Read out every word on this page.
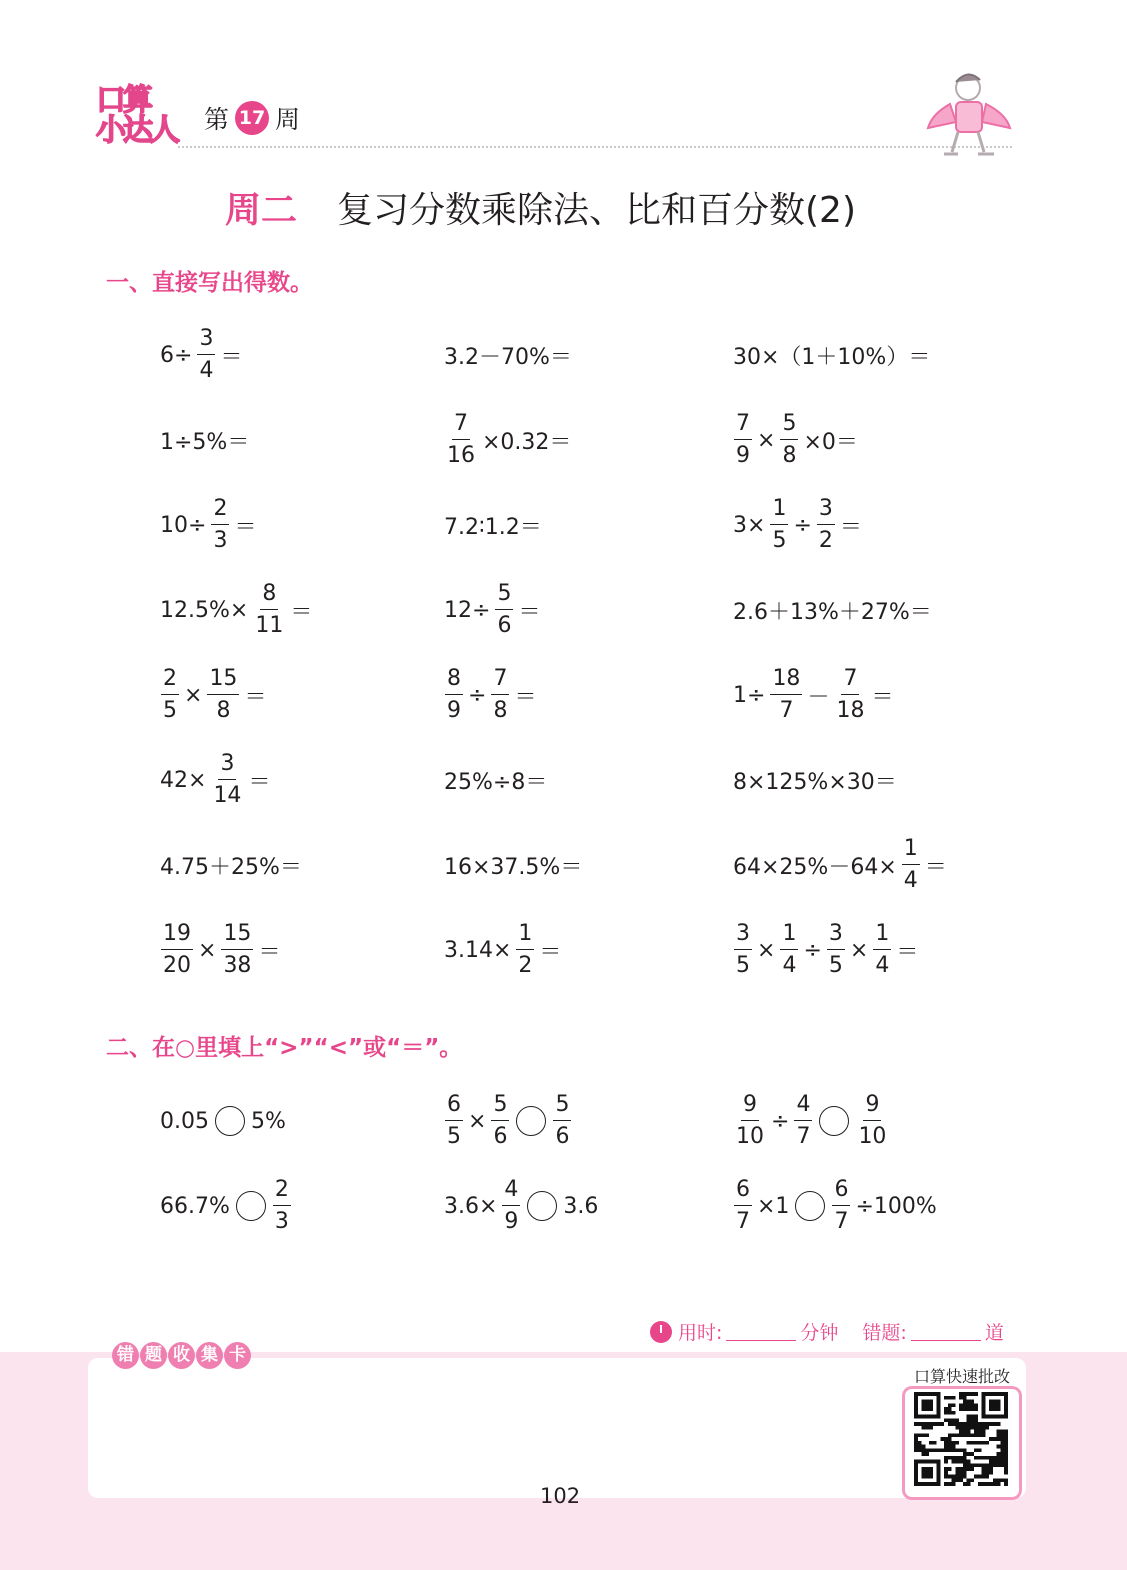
口算
小达人 第 17 周
周二 复习分数乘除法、比和百分数(2)
一、直接写出得数。
$6\div \frac{3}{4}$ ＝	3.2－70%＝	30×（1＋10%）＝
1÷5%＝	$\frac{7}{16} \times 0.32=$	$\frac{7}{9} \times \frac{5}{8} \times 0=$
$10\div \frac{2}{3}$ ＝	7.2∶1.2＝	$3\times \frac{1}{5} \div \frac{3}{2}$ ＝
$12.5\%\times \frac{8}{11}$ ＝	$12\div \frac{5}{6}$ ＝	2.6＋13%＋27%＝
$\frac{2}{5} \times \frac{15}{8}$ ＝	$\frac{8}{9} \div \frac{7}{8}$ ＝	$1\div \frac{18}{7} - \frac{7}{18}$ ＝
$42\times \frac{3}{14}$ ＝	25%÷8＝	8×125%×30＝
4.75＋25%＝	16×37.5%＝	$64\times 25\%-64\times \frac{1}{4}$ ＝
$\frac{19}{20} \times \frac{15}{38}$ ＝	$3.14\times \frac{1}{2}$ ＝	$\frac{3}{5} \times \frac{1}{4} \div \frac{3}{5} \times \frac{1}{4}$ ＝
二、在○里填上“>”“<”或“＝”。
0.05 5%	$\frac{6}{5} \times \frac{5}{6} \frac{5}{6}$	$\frac{9}{10} \div \frac{4}{7} \frac{9}{10}$
$66.7\% \frac{2}{3}$	$3.6\times \frac{4}{9} 3.6$	$\frac{6}{7} \times 1 \frac{6}{7} \div 100\%$
用时:	分钟 错题:	道
错 题 收 集 卡
口算快速批改
102
